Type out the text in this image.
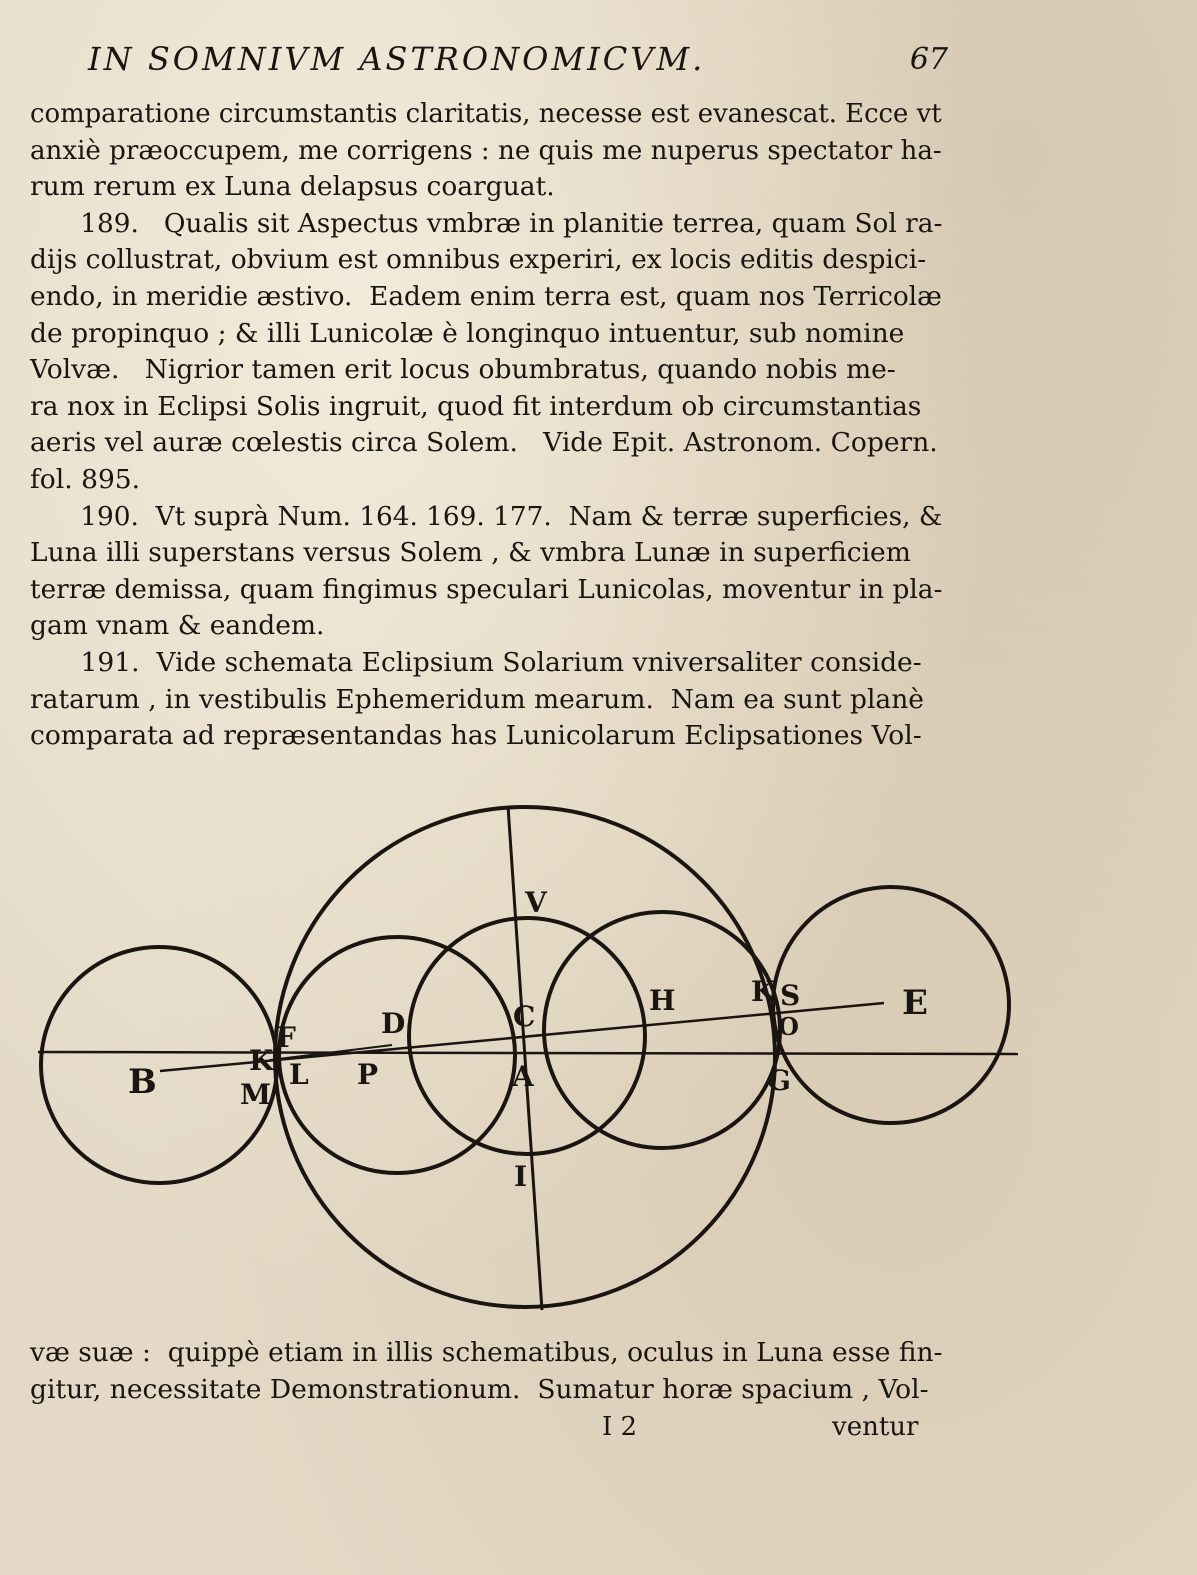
IN SOMNIVM ASTRONOMICVM.	67
comparatione circumstantis claritatis, necesse est evanescat. Ecce vt
anxiè præoccupem, me corrigens : ne quis me nuperus spectator ha-
rum rerum ex Luna delapsus coarguat.
189.   Qualis sit Aspectus vmbræ in planitie terrea, quam Sol ra-
dijs collustrat, obvium est omnibus experiri, ex locis editis despici-
endo, in meridie æstivo.  Eadem enim terra est, quam nos Terricolæ
de propinquo ; & illi Lunicolæ è longinquo intuentur, sub nomine
Volvæ.   Nigrior tamen erit locus obumbratus, quando nobis me-
ra nox in Eclipsi Solis ingruit, quod fit interdum ob circumstantias
aeris vel auræ cœlestis circa Solem.   Vide Epit. Astronom. Copern.
fol. 895.
190.  Vt suprà Num. 164. 169. 177.  Nam & terræ superficies, &
Luna illi superstans versus Solem , & vmbra Lunæ in superficiem
terræ demissa, quam fingimus speculari Lunicolas, moventur in pla-
gam vnam & eandem.
191.  Vide schemata Eclipsium Solarium vniversaliter conside-
ratarum , in vestibulis Ephemeridum mearum.  Nam ea sunt planè
comparata ad repræsentandas has Lunicolarum Eclipsationes Vol-
V
D	C	H	K S	E
O
F
K
B	L P	A	G
M
I
væ suæ :  quippè etiam in illis schematibus, oculus in Luna esse fin-
gitur, necessitate Demonstrationum.  Sumatur horæ spacium , Vol-
I 2	ventur
